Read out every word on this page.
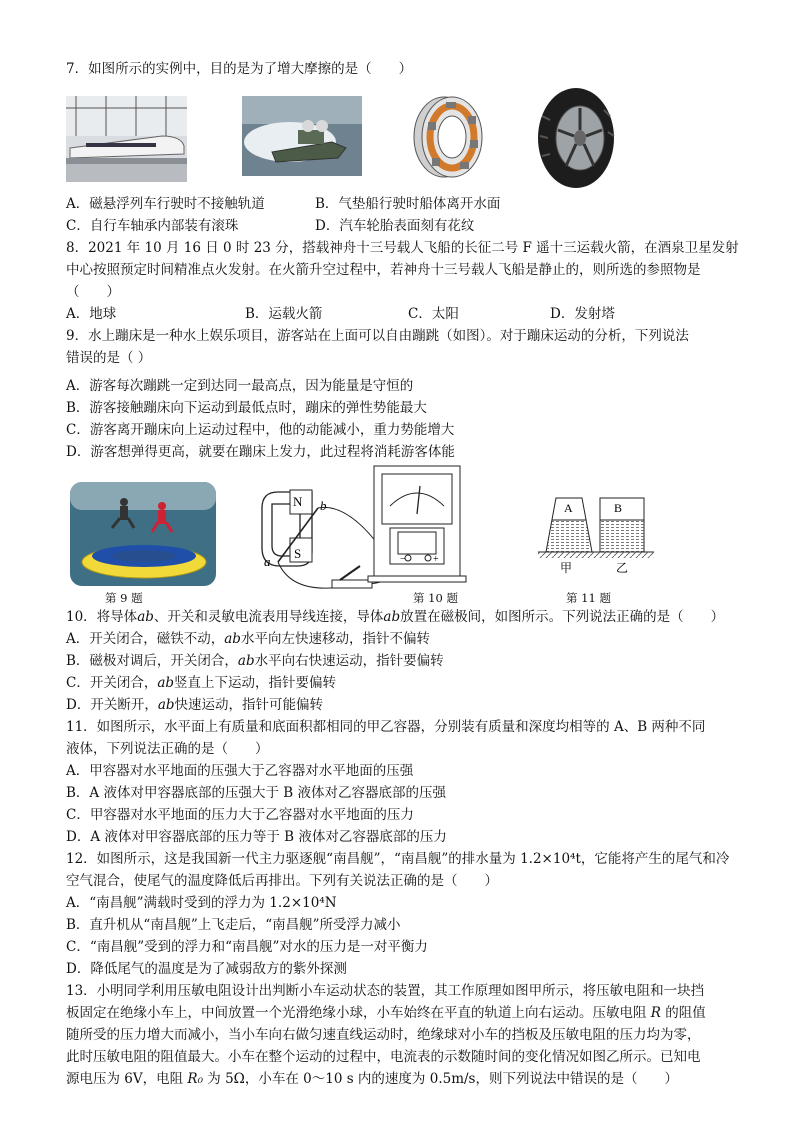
7．如图所示的实例中，目的是为了增大摩擦的是（　　）
A．磁悬浮列车行驶时不接触轨道	B．气垫船行驶时船体离开水面
C．自行车轴承内部装有滚珠	D．汽车轮胎表面刻有花纹
8．2021 年 10 月 16 日 0 时 23 分，搭载神舟十三号载人飞船的长征二号 F 遥十三运载火箭，在酒泉卫星发射
中心按照预定时间精准点火发射。在火箭升空过程中，若神舟十三号载人飞船是静止的，则所选的参照物是
（　　）
A．地球	B．运载火箭	C．太阳	D．发射塔
9．水上蹦床是一种水上娱乐项目，游客站在上面可以自由蹦跳（如图）。对于蹦床运动的分析，下列说法
错误的是（ ）
A．游客每次蹦跳一定到达同一最高点，因为能量是守恒的
B．游客接触蹦床向下运动到最低点时，蹦床的弹性势能最大
C．游客离开蹦床向上运动过程中，他的动能减小，重力势能增大
D．游客想弹得更高，就要在蹦床上发力，此过程将消耗游客体能
第 9 题
N
S
a
b
−	+
第 10 题
A	B
甲	乙
第 11 题
10．将导体ab、开关和灵敏电流表用导线连接，导体ab放置在磁极间，如图所示。下列说法正确的是（　　）
A．开关闭合，磁铁不动，ab水平向左快速移动，指针不偏转
B．磁极对调后，开关闭合，ab水平向右快速运动，指针要偏转
C．开关闭合，ab竖直上下运动，指针要偏转
D．开关断开，ab快速运动，指针可能偏转
11．如图所示，水平面上有质量和底面积都相同的甲乙容器，分别装有质量和深度均相等的 A、B 两种不同
液体，下列说法正确的是（　　）
A．甲容器对水平地面的压强大于乙容器对水平地面的压强
B．A 液体对甲容器底部的压强大于 B 液体对乙容器底部的压强
C．甲容器对水平地面的压力大于乙容器对水平地面的压力
D．A 液体对甲容器底部的压力等于 B 液体对乙容器底部的压力
12．如图所示，这是我国新一代主力驱逐舰“南昌舰”，“南昌舰”的排水量为 1.2×10⁴t，它能将产生的尾气和冷
空气混合，使尾气的温度降低后再排出。下列有关说法正确的是（　　）
A．“南昌舰”满载时受到的浮力为 1.2×10⁴N
B．直升机从“南昌舰”上飞走后，“南昌舰”所受浮力减小
C．“南昌舰”受到的浮力和“南昌舰”对水的压力是一对平衡力
D．降低尾气的温度是为了减弱敌方的紫外探测
13．小明同学利用压敏电阻设计出判断小车运动状态的装置，其工作原理如图甲所示，将压敏电阻和一块挡
板固定在绝缘小车上，中间放置一个光滑绝缘小球，小车始终在平直的轨道上向右运动。压敏电阻 R 的阻值
随所受的压力增大而减小，当小车向右做匀速直线运动时，绝缘球对小车的挡板及压敏电阻的压力均为零，
此时压敏电阻的阻值最大。小车在整个运动的过程中，电流表的示数随时间的变化情况如图乙所示。已知电
源电压为 6V，电阻 R₀ 为 5Ω，小车在 0～10 s 内的速度为 0.5m/s，则下列说法中错误的是（　　）
